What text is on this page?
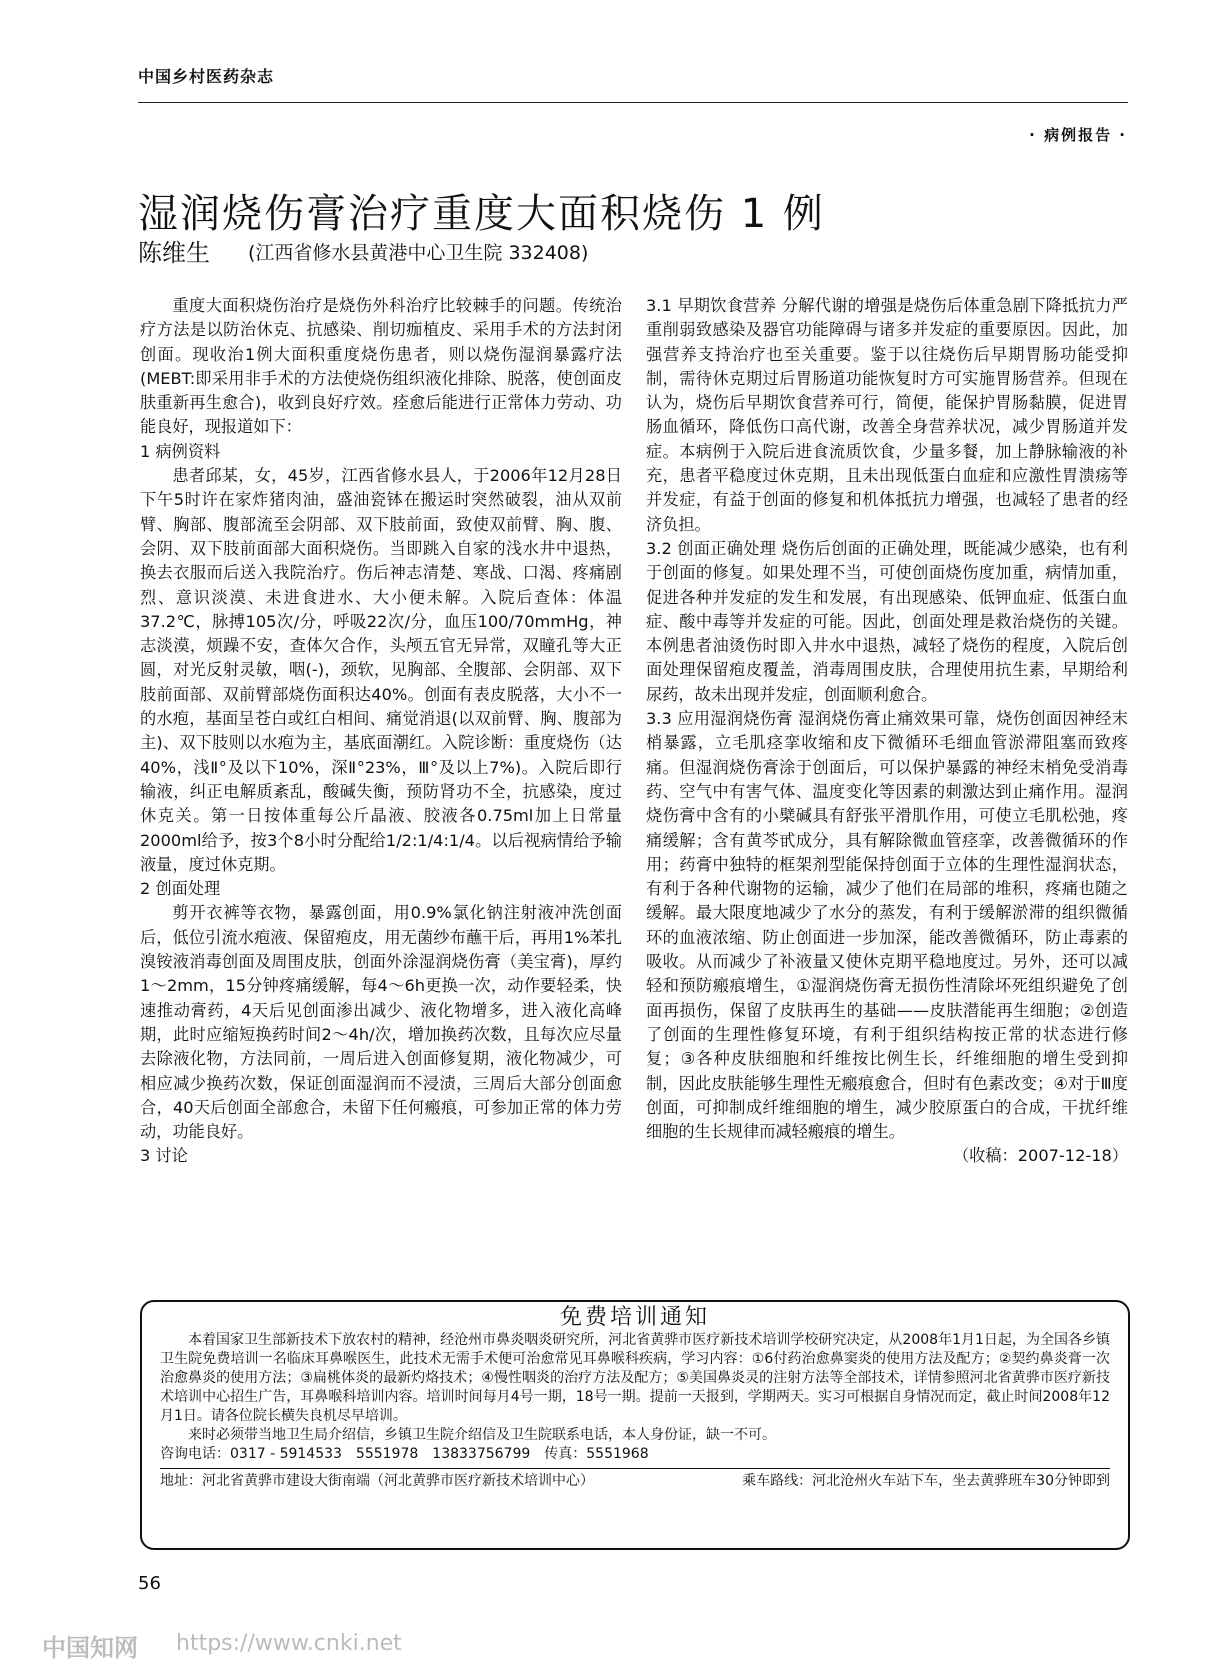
中国乡村医药杂志
· 病例报告 ·
湿润烧伤膏治疗重度大面积烧伤 1 例
陈维生 (江西省修水县黄港中心卫生院 332408)

重度大面积烧伤治疗是烧伤外科治疗比较棘手的问题。传统治疗方法是以防治休克、抗感染、削切痂植皮、采用手术的方法封闭创面。现收治1例大面积重度烧伤患者，则以烧伤湿润暴露疗法(MEBT:即采用非手术的方法使烧伤组织液化排除、脱落，使创面皮肤重新再生愈合)，收到良好疗效。痊愈后能进行正常体力劳动、功能良好，现报道如下：

1 病例资料

患者邱某，女，45岁，江西省修水县人，于2006年12月28日下午5时许在家炸猪肉油，盛油瓷钵在搬运时突然破裂，油从双前臂、胸部、腹部流至会阴部、双下肢前面，致使双前臂、胸、腹、会阴、双下肢前面部大面积烧伤。当即跳入自家的浅水井中退热，换去衣服而后送入我院治疗。伤后神志清楚、寒战、口渴、疼痛剧烈、意识淡漠、未进食进水、大小便未解。入院后查体：体温37.2℃，脉搏105次/分，呼吸22次/分，血压100/70mmHg，神志淡漠，烦躁不安，查体欠合作，头颅五官无异常，双瞳孔等大正圆，对光反射灵敏，咽(-)，颈软，见胸部、全腹部、会阴部、双下肢前面部、双前臂部烧伤面积达40%。创面有表皮脱落，大小不一的水疱，基面呈苍白或红白相间、痛觉消退(以双前臂、胸、腹部为主)、双下肢则以水疱为主，基底面潮红。入院诊断：重度烧伤（达40%，浅Ⅱ°及以下10%，深Ⅱ°23%，Ⅲ°及以上7%)。入院后即行输液，纠正电解质紊乱，酸碱失衡，预防肾功不全，抗感染，度过休克关。第一日按体重每公斤晶液、胶液各0.75ml加上日常量2000ml给予，按3个8小时分配给1/2:1/4:1/4。以后视病情给予输液量，度过休克期。

2 创面处理

剪开衣裤等衣物，暴露创面，用0.9%氯化钠注射液冲洗创面后，低位引流水疱液、保留疱皮，用无菌纱布蘸干后，再用1%苯扎溴铵液消毒创面及周围皮肤，创面外涂湿润烧伤膏（美宝膏)，厚约1～2mm，15分钟疼痛缓解，每4～6h更换一次，动作要轻柔，快速推动膏药，4天后见创面渗出减少、液化物增多，进入液化高峰期，此时应缩短换药时间2～4h/次，增加换药次数，且每次应尽量去除液化物，方法同前，一周后进入创面修复期，液化物减少，可相应减少换药次数，保证创面湿润而不浸渍，三周后大部分创面愈合，40天后创面全部愈合，未留下任何瘢痕，可参加正常的体力劳动，功能良好。

3 讨论

3.1 早期饮食营养 分解代谢的增强是烧伤后体重急剧下降抵抗力严重削弱致感染及器官功能障碍与诸多并发症的重要原因。因此，加强营养支持治疗也至关重要。鉴于以往烧伤后早期胃肠功能受抑制，需待休克期过后胃肠道功能恢复时方可实施胃肠营养。但现在认为，烧伤后早期饮食营养可行，简便，能保护胃肠黏膜，促进胃肠血循环，降低伤口高代谢，改善全身营养状况，减少胃肠道并发症。本病例于入院后进食流质饮食，少量多餐，加上静脉输液的补充，患者平稳度过休克期，且未出现低蛋白血症和应激性胃溃疡等并发症，有益于创面的修复和机体抵抗力增强，也减轻了患者的经济负担。

3.2 创面正确处理 烧伤后创面的正确处理，既能减少感染，也有利于创面的修复。如果处理不当，可使创面烧伤度加重，病情加重，促进各种并发症的发生和发展，有出现感染、低钾血症、低蛋白血症、酸中毒等并发症的可能。因此，创面处理是救治烧伤的关键。本例患者油烫伤时即入井水中退热，减轻了烧伤的程度，入院后创面处理保留疱皮覆盖，消毒周围皮肤，合理使用抗生素，早期给利尿药，故未出现并发症，创面顺利愈合。

3.3 应用湿润烧伤膏 湿润烧伤膏止痛效果可靠，烧伤创面因神经末梢暴露，立毛肌痉挛收缩和皮下微循环毛细血管淤滞阻塞而致疼痛。但湿润烧伤膏涂于创面后，可以保护暴露的神经末梢免受消毒药、空气中有害气体、温度变化等因素的刺激达到止痛作用。湿润烧伤膏中含有的小檗碱具有舒张平滑肌作用，可使立毛肌松弛，疼痛缓解；含有黄芩甙成分，具有解除微血管痉挛，改善微循环的作用；药膏中独特的框架剂型能保持创面于立体的生理性湿润状态，有利于各种代谢物的运输，减少了他们在局部的堆积，疼痛也随之缓解。最大限度地减少了水分的蒸发，有利于缓解淤滞的组织微循环的血液浓缩、防止创面进一步加深，能改善微循环，防止毒素的吸收。从而减少了补液量又使休克期平稳地度过。另外，还可以减轻和预防瘢痕增生，①湿润烧伤膏无损伤性清除坏死组织避免了创面再损伤，保留了皮肤再生的基础——皮肤潜能再生细胞；②创造了创面的生理性修复环境，有利于组织结构按正常的状态进行修复；③各种皮肤细胞和纤维按比例生长，纤维细胞的增生受到抑制，因此皮肤能够生理性无瘢痕愈合，但时有色素改变；④对于Ⅲ度创面，可抑制成纤维细胞的增生，减少胶原蛋白的合成，干扰纤维细胞的生长规律而减轻瘢痕的增生。

（收稿：2007-12-18）

免费培训通知

本着国家卫生部新技术下放农村的精神，经沧州市鼻炎咽炎研究所，河北省黄骅市医疗新技术培训学校研究决定，从2008年1月1日起，为全国各乡镇卫生院免费培训一名临床耳鼻喉医生，此技术无需手术便可治愈常见耳鼻喉科疾病，学习内容：①6付药治愈鼻窦炎的使用方法及配方；②契约鼻炎膏一次治愈鼻炎的使用方法；③扁桃体炎的最新灼烙技术；④慢性咽炎的治疗方法及配方；⑤美国鼻炎灵的注射方法等全部技术，详情参照河北省黄骅市医疗新技术培训中心招生广告，耳鼻喉科培训内容。培训时间每月4号一期，18号一期。提前一天报到，学期两天。实习可根据自身情况而定，截止时间2008年12月1日。请各位院长横失良机尽早培训。

来时必须带当地卫生局介绍信，乡镇卫生院介绍信及卫生院联系电话，本人身份证，缺一不可。

咨询电话：0317 - 5914533　5551978　13833756799　传真：5551968

地址：河北省黄骅市建设大街南端（河北黄骅市医疗新技术培训中心）	乘车路线：河北沧州火车站下车，坐去黄骅班车30分钟即到
56
中国知网 https://www.cnki.net
